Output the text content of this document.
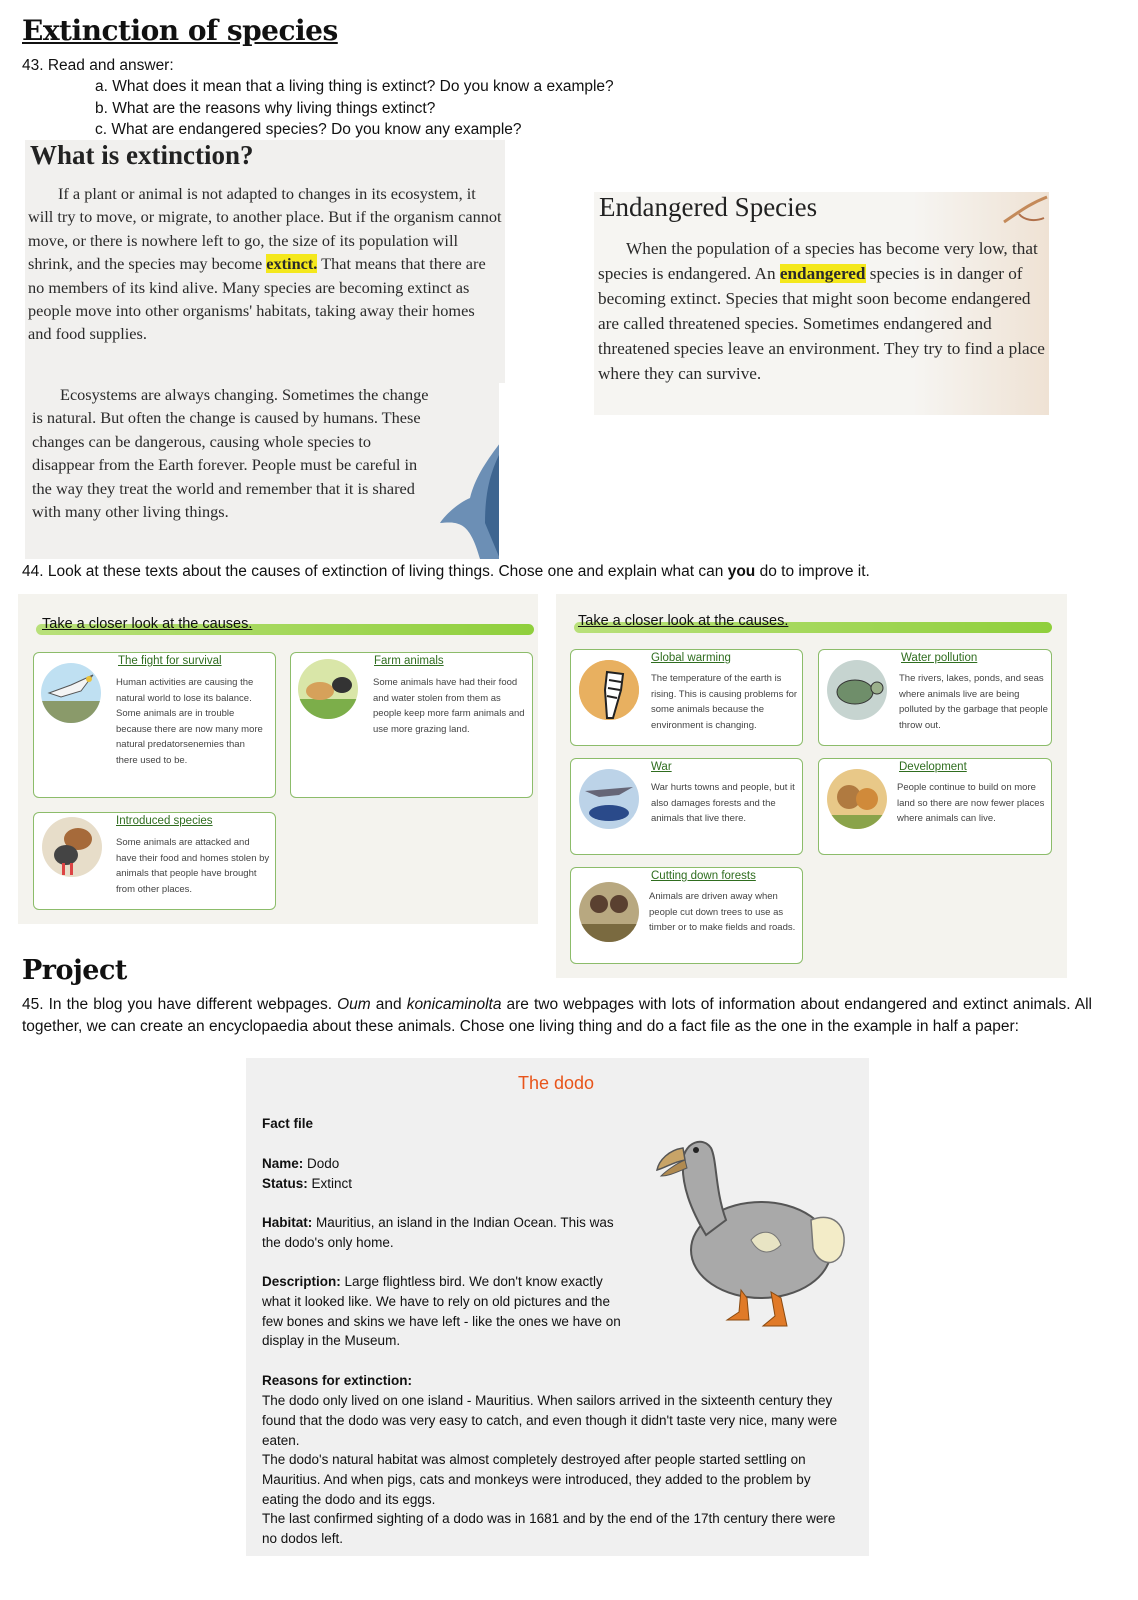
Extinction of species
43. Read and answer:
a. What does it mean that a living thing is extinct? Do you know a example?
b. What are the reasons why living things extinct?
c. What are endangered species? Do you know any example?
What is extinction?
If a plant or animal is not adapted to changes in its ecosystem, it will try to move, or migrate, to another place. But if the organism cannot move, or there is nowhere left to go, the size of its population will shrink, and the species may become extinct. That means that there are no members of its kind alive. Many species are becoming extinct as people move into other organisms' habitats, taking away their homes and food supplies.
Ecosystems are always changing. Sometimes the change is natural. But often the change is caused by humans. These changes can be dangerous, causing whole species to disappear from the Earth forever. People must be careful in the way they treat the world and remember that it is shared with many other living things.
Endangered Species
When the population of a species has become very low, that species is endangered. An endangered species is in danger of becoming extinct. Species that might soon become endangered are called threatened species. Sometimes endangered and threatened species leave an environment. They try to find a place where they can survive.
44. Look at these texts about the causes of extinction of living things. Chose one and explain what can you do to improve it.
Take a closer look at the causes.
The fight for survival
Human activities are causing the natural world to lose its balance. Some animals are in trouble because there are now many more natural predatorsenemies than there used to be.
Farm animals
Some animals have had their food and water stolen from them as people keep more farm animals and use more grazing land.
Introduced species
Some animals are attacked and have their food and homes stolen by animals that people have brought from other places.
Take a closer look at the causes.
Global warming
The temperature of the earth is rising. This is causing problems for some animals because the environment is changing.
Water pollution
The rivers, lakes, ponds, and seas where animals live are being polluted by the garbage that people throw out.
War
War hurts towns and people, but it also damages forests and the animals that live there.
Development
People continue to build on more land so there are now fewer places where animals can live.
Cutting down forests
Animals are driven away when people cut down trees to use as timber or to make fields and roads.
Project
45. In the blog you have different webpages. Oum and konicaminolta are two webpages with lots of information about endangered and extinct animals. All together, we can create an encyclopaedia about these animals. Chose one living thing and do a fact file as the one in the example in half a paper:
The dodo
Fact file
Name: Dodo
Status: Extinct
Habitat: Mauritius, an island in the Indian Ocean. This was the dodo's only home.
Description: Large flightless bird. We don't know exactly what it looked like. We have to rely on old pictures and the few bones and skins we have left - like the ones we have on display in the Museum.
Reasons for extinction:
The dodo only lived on one island - Mauritius. When sailors arrived in the sixteenth century they found that the dodo was very easy to catch, and even though it didn't taste very nice, many were eaten.
The dodo's natural habitat was almost completely destroyed after people started settling on Mauritius. And when pigs, cats and monkeys were introduced, they added to the problem by eating the dodo and its eggs.
The last confirmed sighting of a dodo was in 1681 and by the end of the 17th century there were no dodos left.
